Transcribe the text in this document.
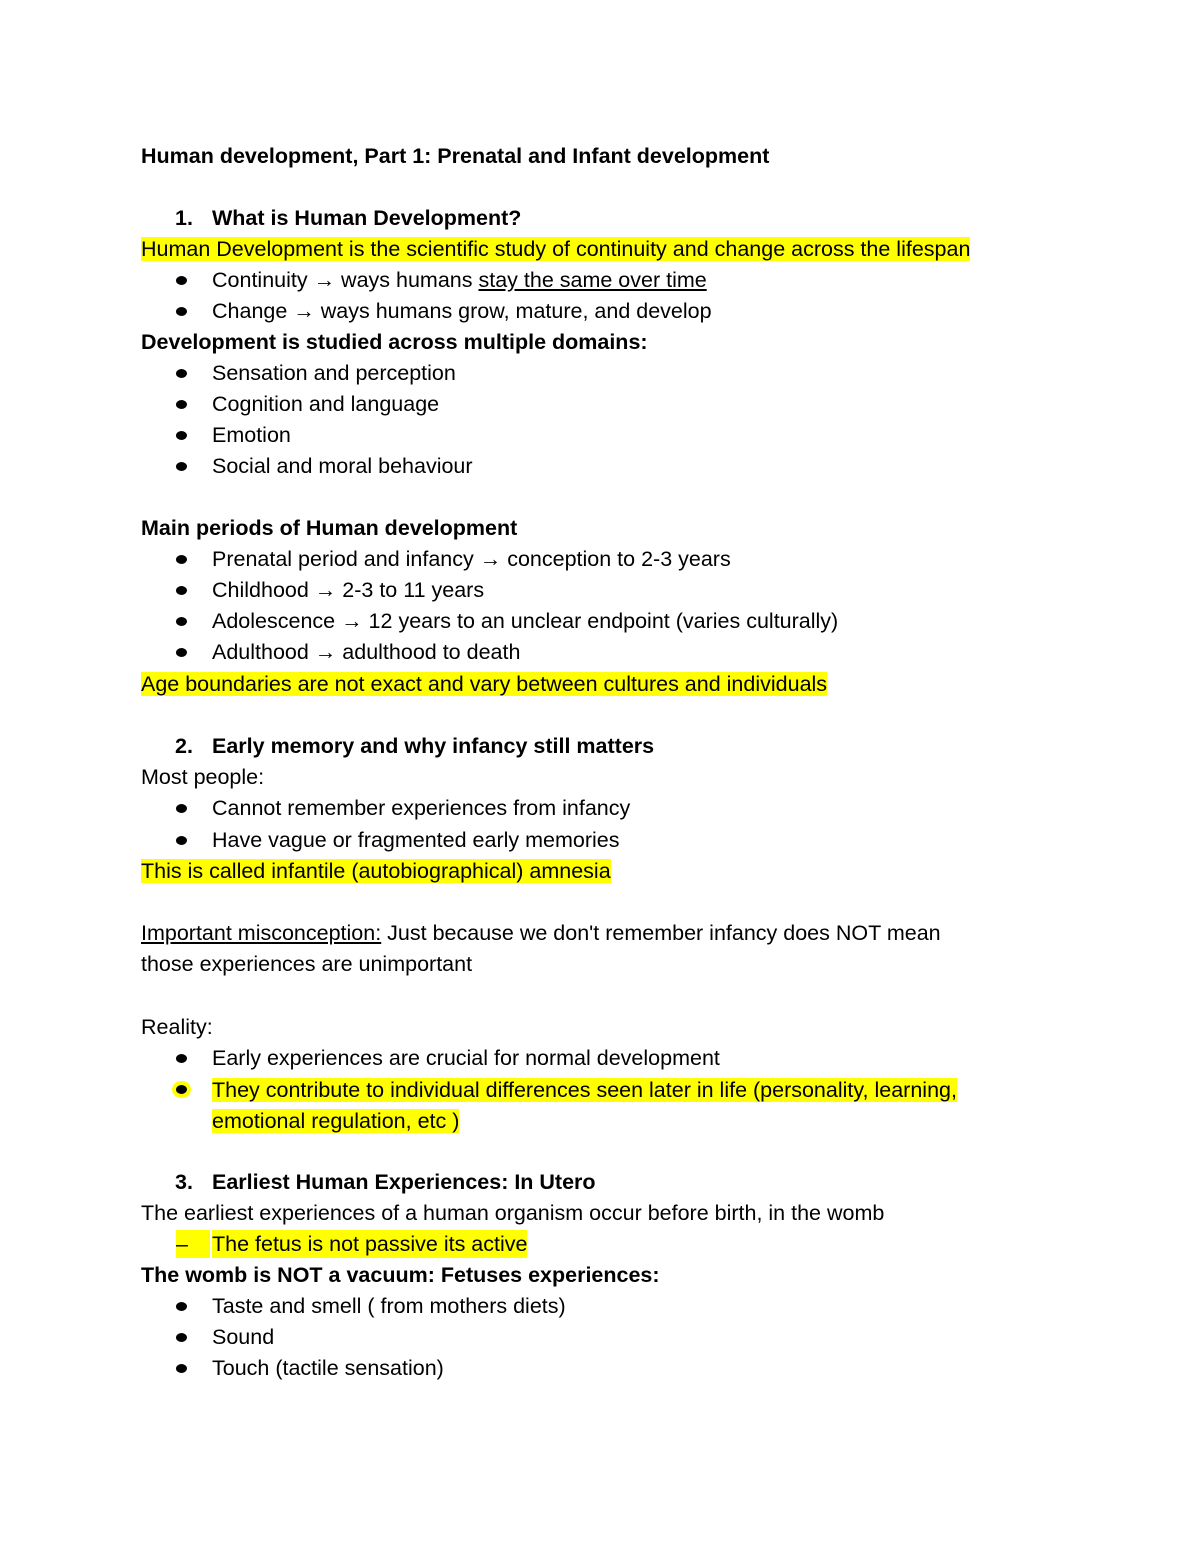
Human development, Part 1: Prenatal and Infant development
1. What is Human Development?
Human Development is the scientific study of continuity and change across the lifespan
Continuity → ways humans stay the same over time
Change → ways humans grow, mature, and develop
Development is studied across multiple domains:
Sensation and perception
Cognition and language
Emotion
Social and moral behaviour
Main periods of Human development
Prenatal period and infancy → conception to 2-3 years
Childhood → 2-3 to 11 years
Adolescence → 12 years to an unclear endpoint (varies culturally)
Adulthood → adulthood to death
Age boundaries are not exact and vary between cultures and individuals
2. Early memory and why infancy still matters
Most people:
Cannot remember experiences from infancy
Have vague or fragmented early memories
This is called infantile (autobiographical) amnesia
Important misconception: Just because we don't remember infancy does NOT mean
those experiences are unimportant
Reality:
Early experiences are crucial for normal development
They contribute to individual differences seen later in life (personality, learning,
emotional regulation, etc )
3. Earliest Human Experiences: In Utero
The earliest experiences of a human organism occur before birth, in the womb
–	The fetus is not passive its active
The womb is NOT a vacuum: Fetuses experiences:
Taste and smell ( from mothers diets)
Sound
Touch (tactile sensation)
